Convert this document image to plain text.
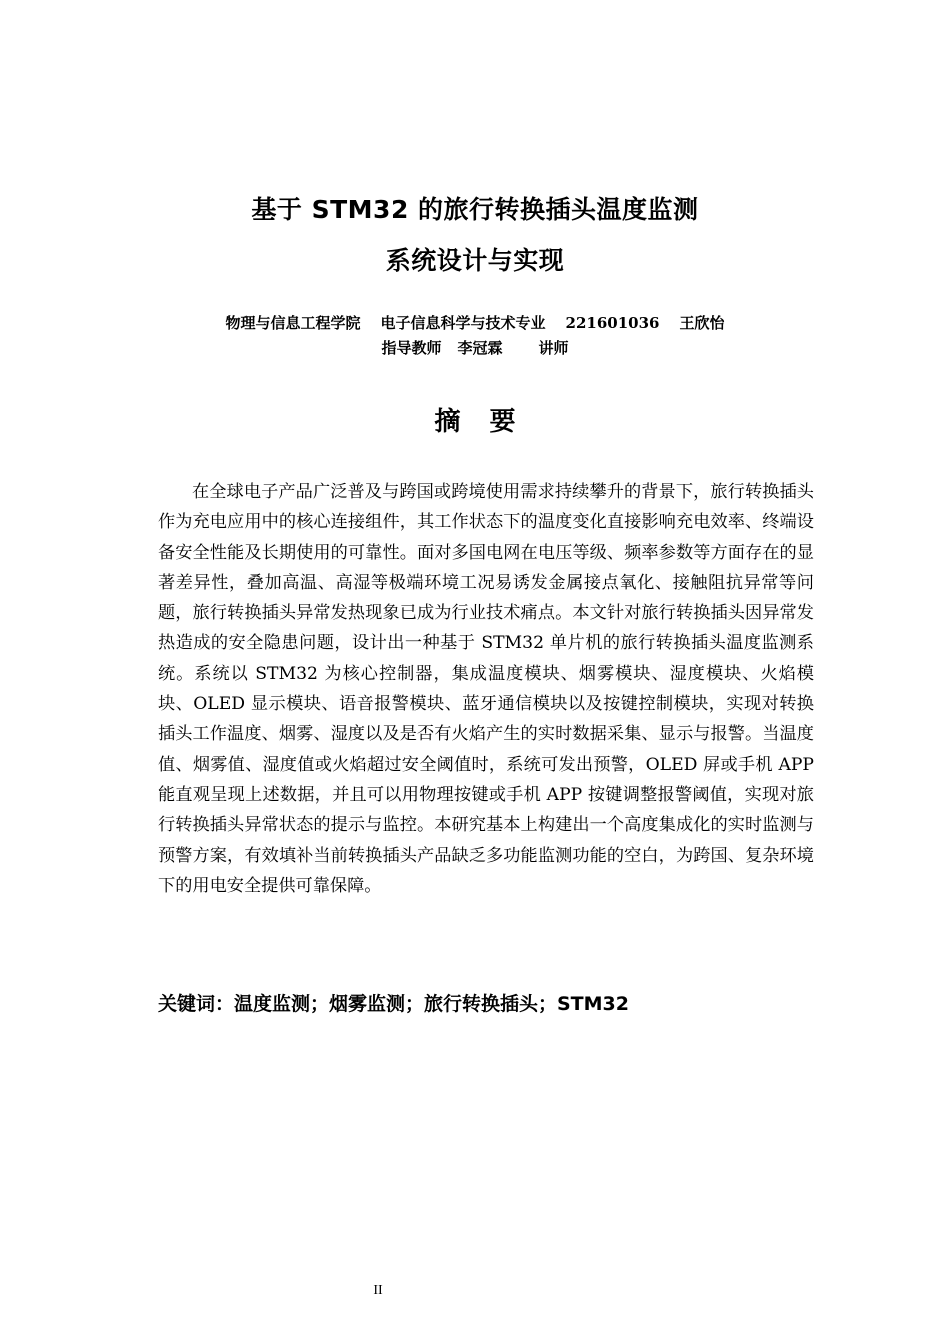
基于 STM32 的旅行转换插头温度监测
系统设计与实现
物理与信息工程学院 电子信息科学与技术专业 221601036 王欣怡
指导教师 李冠霖 讲师
摘 要

在全球电子产品广泛普及与跨国或跨境使用需求持续攀升的背景下，旅行转换插头作为充电应用中的核心连接组件，其工作状态下的温度变化直接影响充电效率、终端设备安全性能及长期使用的可靠性。面对多国电网在电压等级、频率参数等方面存在的显著差异性，叠加高温、高湿等极端环境工况易诱发金属接点氧化、接触阻抗异常等问题，旅行转换插头异常发热现象已成为行业技术痛点。本文针对旅行转换插头因异常发热造成的安全隐患问题，设计出一种基于 STM32 单片机的旅行转换插头温度监测系统。系统以 STM32 为核心控制器，集成温度模块、烟雾模块、湿度模块、火焰模块、OLED 显示模块、语音报警模块、蓝牙通信模块以及按键控制模块，实现对转换插头工作温度、烟雾、湿度以及是否有火焰产生的实时数据采集、显示与报警。当温度值、烟雾值、湿度值或火焰超过安全阈值时，系统可发出预警，OLED 屏或手机 APP 能直观呈现上述数据，并且可以用物理按键或手机 APP 按键调整报警阈值，实现对旅行转换插头异常状态的提示与监控。本研究基本上构建出一个高度集成化的实时监测与预警方案，有效填补当前转换插头产品缺乏多功能监测功能的空白，为跨国、复杂环境下的用电安全提供可靠保障。

关键词：温度监测；烟雾监测；旅行转换插头；STM32
II
